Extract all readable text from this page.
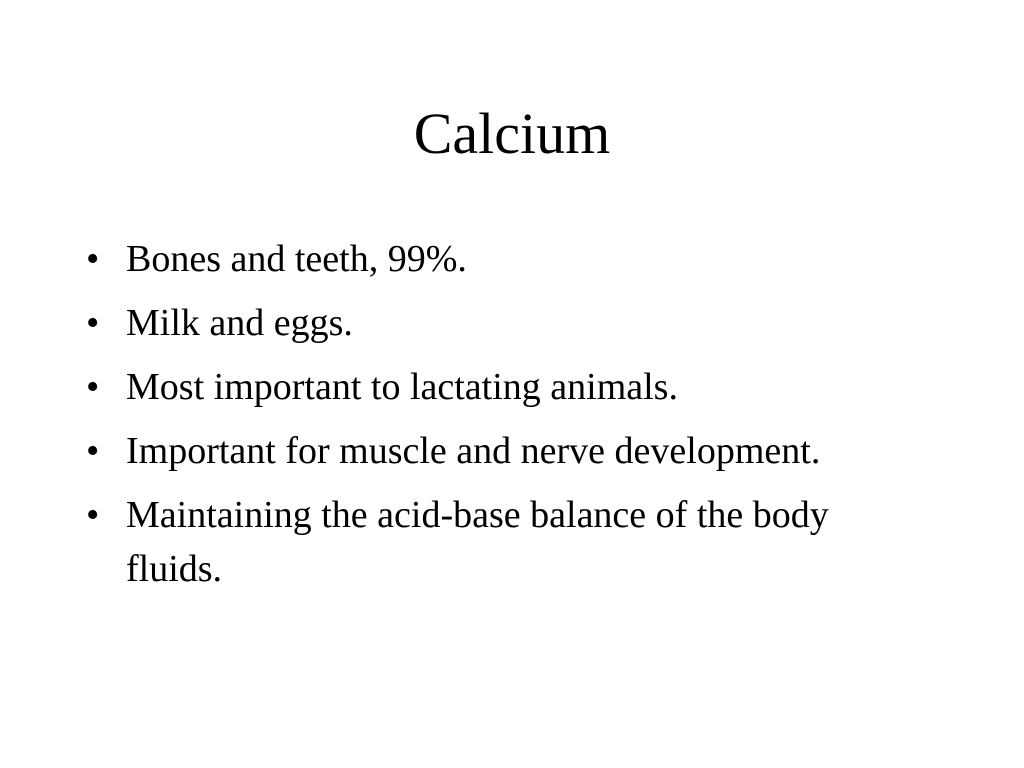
Calcium
• Bones and teeth, 99%.
• Milk and eggs.
• Most important to lactating animals.
• Important for muscle and nerve development.
• Maintaining the acid-base balance of the body fluids.
